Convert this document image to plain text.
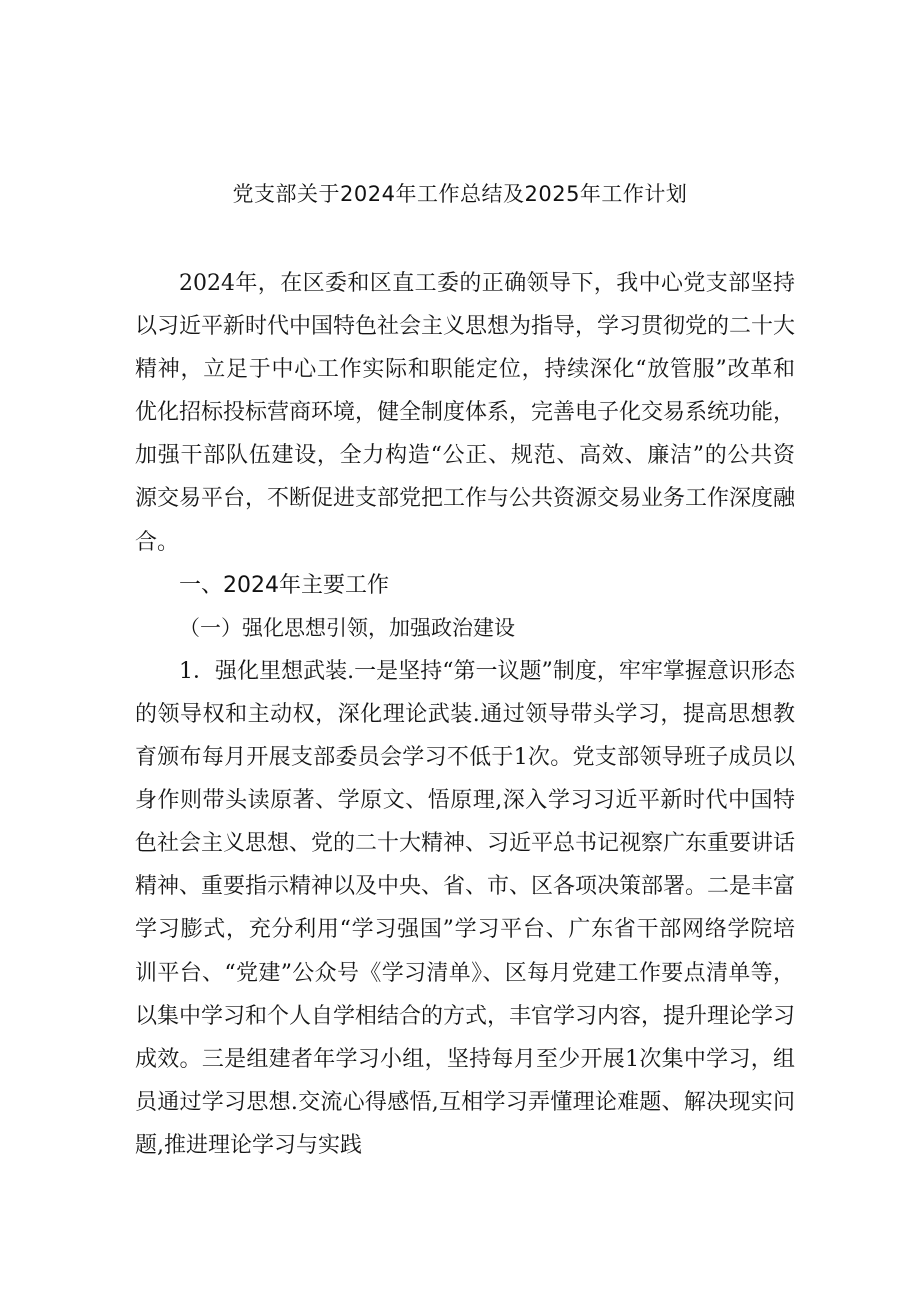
党支部关于2024年工作总结及2025年工作计划

2024年，在区委和区直工委的正确领导下，我中心党支部坚持以习近平新时代中国特色社会主义思想为指导，学习贯彻党的二十大精神，立足于中心工作实际和职能定位，持续深化“放管服”改革和优化招标投标营商环境，健全制度体系，完善电子化交易系统功能，加强干部队伍建设，全力构造“公正、规范、高效、廉洁”的公共资源交易平台，不断促进支部党把工作与公共资源交易业务工作深度融合。

一、2024年主要工作

（一）强化思想引领，加强政治建设

1．强化里想武装.一是坚持“第一议题”制度，牢牢掌握意识形态的领导权和主动权，深化理论武装.通过领导带头学习，提高思想教育颁布每月开展支部委员会学习不低于1次。党支部领导班子成员以身作则带头读原著、学原文、悟原理,深入学习习近平新时代中国特色社会主义思想、党的二十大精神、习近平总书记视察广东重要讲话精神、重要指示精神以及中央、省、市、区各项决策部署。二是丰富学习膨式，充分利用“学习强国”学习平台、广东省干部网络学院培训平台、“党建”公众号《学习清单》、区每月党建工作要点清单等，以集中学习和个人自学相结合的方式，丰官学习内容，提升理论学习成效。三是组建者年学习小组，坚持每月至少开展1次集中学习，组员通过学习思想.交流心得感悟,互相学习弄懂理论难题、解决现实问题,推进理论学习与实践
